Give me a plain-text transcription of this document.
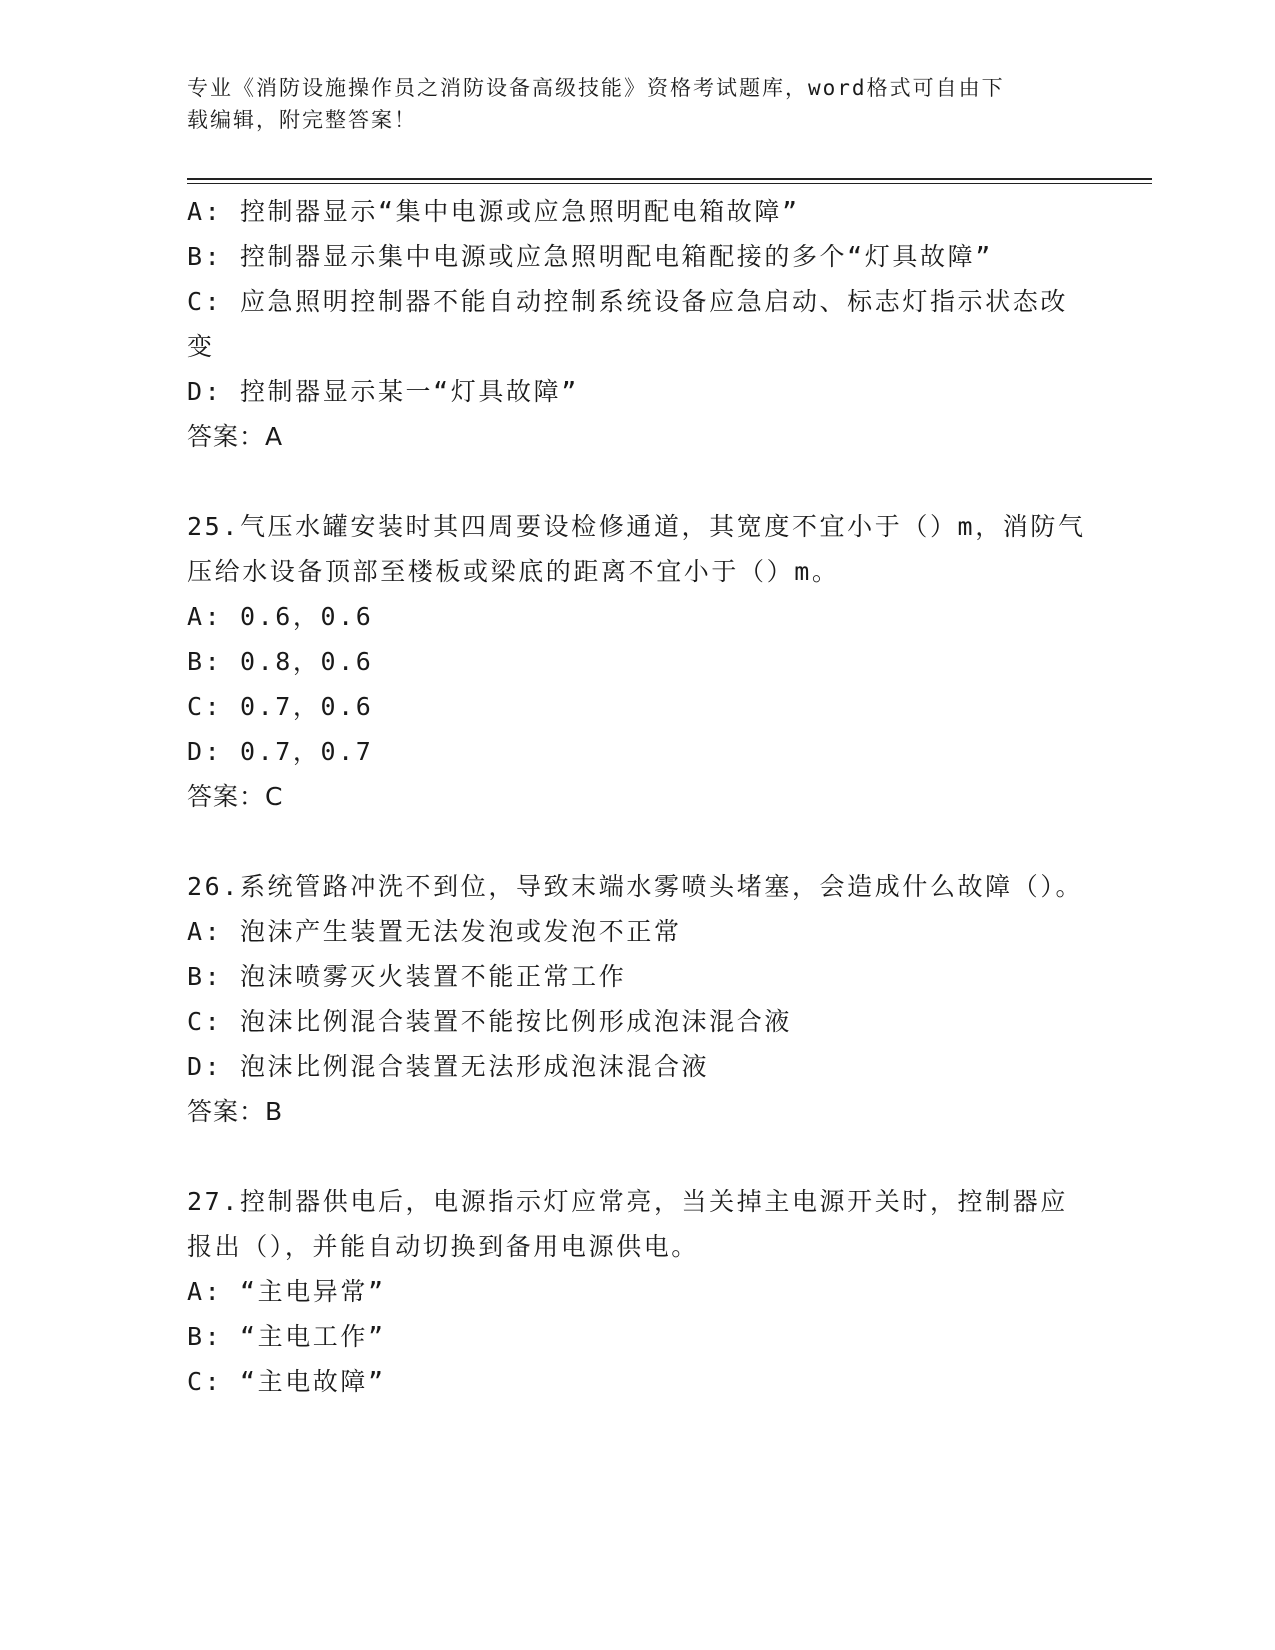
专业《消防设施操作员之消防设备高级技能》资格考试题库，word格式可自由下
载编辑，附完整答案！
A: 控制器显示“集中电源或应急照明配电箱故障”
B: 控制器显示集中电源或应急照明配电箱配接的多个“灯具故障”
C: 应急照明控制器不能自动控制系统设备应急启动、标志灯指示状态改变
D: 控制器显示某一“灯具故障”
答案：A
25.气压水罐安装时其四周要设检修通道，其宽度不宜小于（）m，消防气压给水设备顶部至楼板或梁底的距离不宜小于（）m。
A: 0.6，0.6
B: 0.8，0.6
C: 0.7，0.6
D: 0.7，0.7
答案：C
26.系统管路冲洗不到位，导致末端水雾喷头堵塞，会造成什么故障（）。
A: 泡沫产生装置无法发泡或发泡不正常
B: 泡沫喷雾灭火装置不能正常工作
C: 泡沫比例混合装置不能按比例形成泡沫混合液
D: 泡沫比例混合装置无法形成泡沫混合液
答案：B
27.控制器供电后，电源指示灯应常亮，当关掉主电源开关时，控制器应报出（），并能自动切换到备用电源供电。
A: “主电异常”
B: “主电工作”
C: “主电故障”
